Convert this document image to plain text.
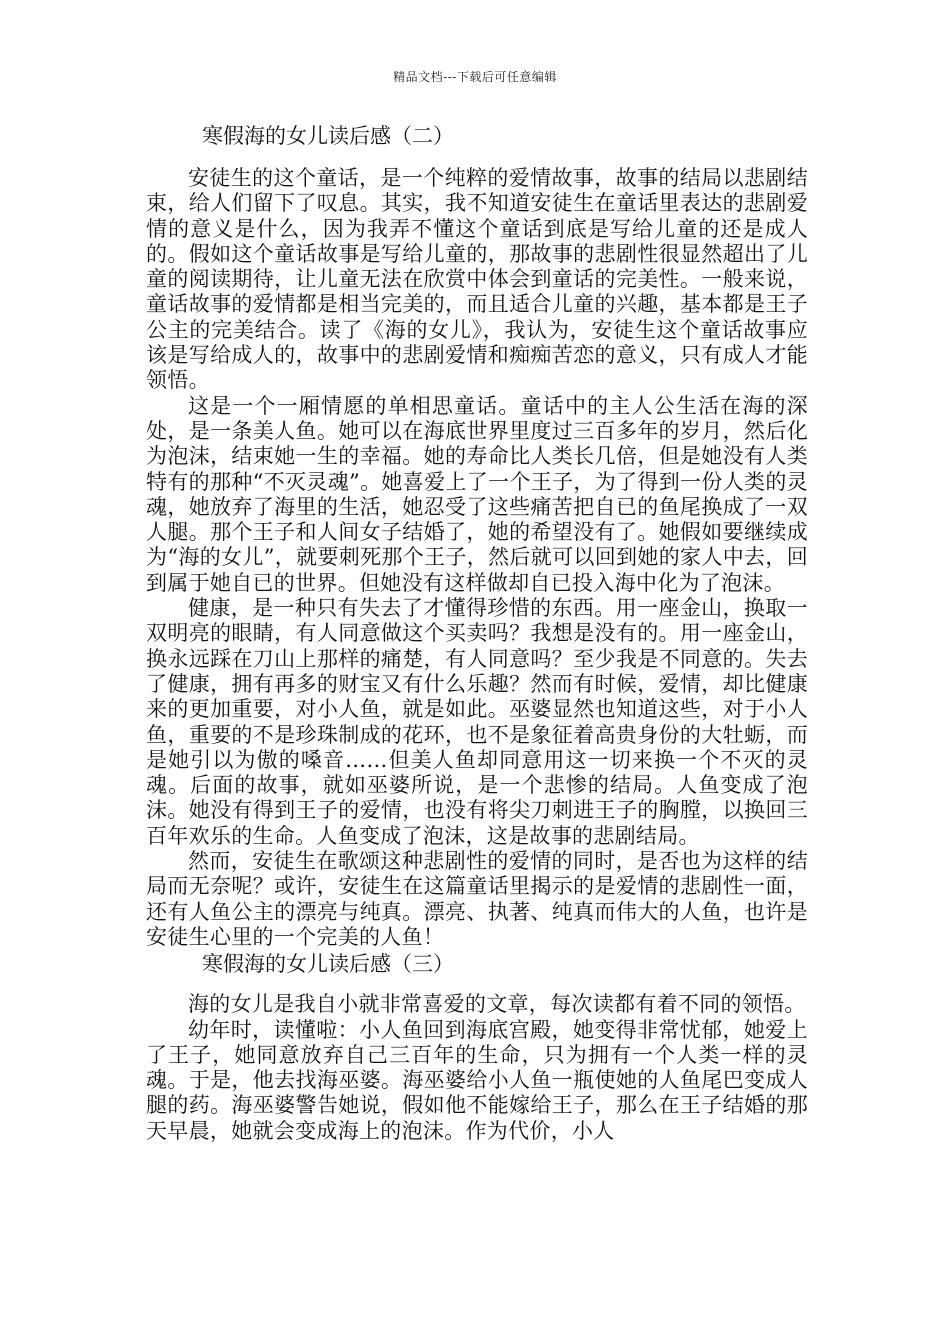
精品文档---下载后可任意编辑
寒假海的女儿读后感（二）

安徒生的这个童话，是一个纯粹的爱情故事，故事的结局以悲剧结束，给人们留下了叹息。其实，我不知道安徒生在童话里表达的悲剧爱情的意义是什么，因为我弄不懂这个童话到底是写给儿童的还是成人的。假如这个童话故事是写给儿童的，那故事的悲剧性很显然超出了儿童的阅读期待，让儿童无法在欣赏中体会到童话的完美性。一般来说，童话故事的爱情都是相当完美的，而且适合儿童的兴趣，基本都是王子公主的完美结合。读了《海的女儿》，我认为，安徒生这个童话故事应该是写给成人的，故事中的悲剧爱情和痴痴苦恋的意义，只有成人才能领悟。

这是一个一厢情愿的单相思童话。童话中的主人公生活在海的深处，是一条美人鱼。她可以在海底世界里度过三百多年的岁月，然后化为泡沫，结束她一生的幸福。她的寿命比人类长几倍，但是她没有人类特有的那种“不灭灵魂”。她喜爱上了一个王子，为了得到一份人类的灵魂，她放弃了海里的生活，她忍受了这些痛苦把自已的鱼尾换成了一双人腿。那个王子和人间女子结婚了，她的希望没有了。她假如要继续成为“海的女儿”，就要刺死那个王子，然后就可以回到她的家人中去，回到属于她自已的世界。但她没有这样做却自已投入海中化为了泡沫。

健康，是一种只有失去了才懂得珍惜的东西。用一座金山，换取一双明亮的眼睛，有人同意做这个买卖吗？我想是没有的。用一座金山，换永远踩在刀山上那样的痛楚，有人同意吗？至少我是不同意的。失去了健康，拥有再多的财宝又有什么乐趣？然而有时候，爱情，却比健康来的更加重要，对小人鱼，就是如此。巫婆显然也知道这些，对于小人鱼，重要的不是珍珠制成的花环，也不是象征着高贵身份的大牡蛎，而是她引以为傲的嗓音……但美人鱼却同意用这一切来换一个不灭的灵魂。后面的故事，就如巫婆所说，是一个悲惨的结局。人鱼变成了泡沫。她没有得到王子的爱情，也没有将尖刀刺进王子的胸膛，以换回三百年欢乐的生命。人鱼变成了泡沫，这是故事的悲剧结局。

然而，安徒生在歌颂这种悲剧性的爱情的同时，是否也为这样的结局而无奈呢？或许，安徒生在这篇童话里揭示的是爱情的悲剧性一面，还有人鱼公主的漂亮与纯真。漂亮、执著、纯真而伟大的人鱼，也许是安徒生心里的一个完美的人鱼！

寒假海的女儿读后感（三）

海的女儿是我自小就非常喜爱的文章，每次读都有着不同的领悟。

幼年时，读懂啦：小人鱼回到海底宫殿，她变得非常忧郁，她爱上了王子，她同意放弃自己三百年的生命，只为拥有一个人类一样的灵魂。于是，他去找海巫婆。海巫婆给小人鱼一瓶使她的人鱼尾巴变成人腿的药。海巫婆警告她说，假如他不能嫁给王子，那么在王子结婚的那天早晨，她就会变成海上的泡沫。作为代价，小人
